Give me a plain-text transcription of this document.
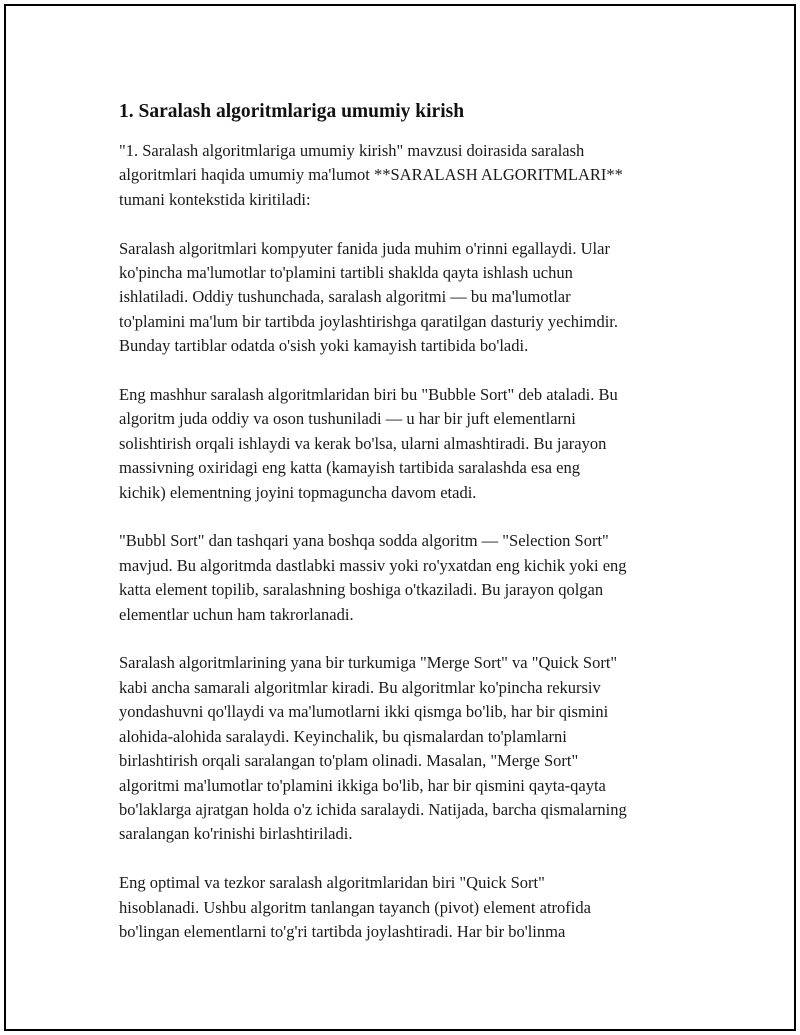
1. Saralash algoritmlariga umumiy kirish
"1. Saralash algoritmlariga umumiy kirish" mavzusi doirasida saralash
algoritmlari haqida umumiy ma'lumot **SARALASH ALGORITMLARI**
tumani kontekstida kiritiladi:
Saralash algoritmlari kompyuter fanida juda muhim o'rinni egallaydi. Ular
ko'pincha ma'lumotlar to'plamini tartibli shaklda qayta ishlash uchun
ishlatiladi. Oddiy tushunchada, saralash algoritmi — bu ma'lumotlar
to'plamini ma'lum bir tartibda joylashtirishga qaratilgan dasturiy yechimdir.
Bunday tartiblar odatda o'sish yoki kamayish tartibida bo'ladi.
Eng mashhur saralash algoritmlaridan biri bu "Bubble Sort" deb ataladi. Bu
algoritm juda oddiy va oson tushuniladi — u har bir juft elementlarni
solishtirish orqali ishlaydi va kerak bo'lsa, ularni almashtiradi. Bu jarayon
massivning oxiridagi eng katta (kamayish tartibida saralashda esa eng
kichik) elementning joyini topmaguncha davom etadi.
"Bubbl Sort" dan tashqari yana boshqa sodda algoritm — "Selection Sort"
mavjud. Bu algoritmda dastlabki massiv yoki ro'yxatdan eng kichik yoki eng
katta element topilib, saralashning boshiga o'tkaziladi. Bu jarayon qolgan
elementlar uchun ham takrorlanadi.
Saralash algoritmlarining yana bir turkumiga "Merge Sort" va "Quick Sort"
kabi ancha samarali algoritmlar kiradi. Bu algoritmlar ko'pincha rekursiv
yondashuvni qo'llaydi va ma'lumotlarni ikki qismga bo'lib, har bir qismini
alohida-alohida saralaydi. Keyinchalik, bu qismalardan to'plamlarni
birlashtirish orqali saralangan to'plam olinadi. Masalan, "Merge Sort"
algoritmi ma'lumotlar to'plamini ikkiga bo'lib, har bir qismini qayta-qayta
bo'laklarga ajratgan holda o'z ichida saralaydi. Natijada, barcha qismalarning
saralangan ko'rinishi birlashtiriladi.
Eng optimal va tezkor saralash algoritmlaridan biri "Quick Sort"
hisoblanadi. Ushbu algoritm tanlangan tayanch (pivot) element atrofida
bo'lingan elementlarni to'g'ri tartibda joylashtiradi. Har bir bo'linma
